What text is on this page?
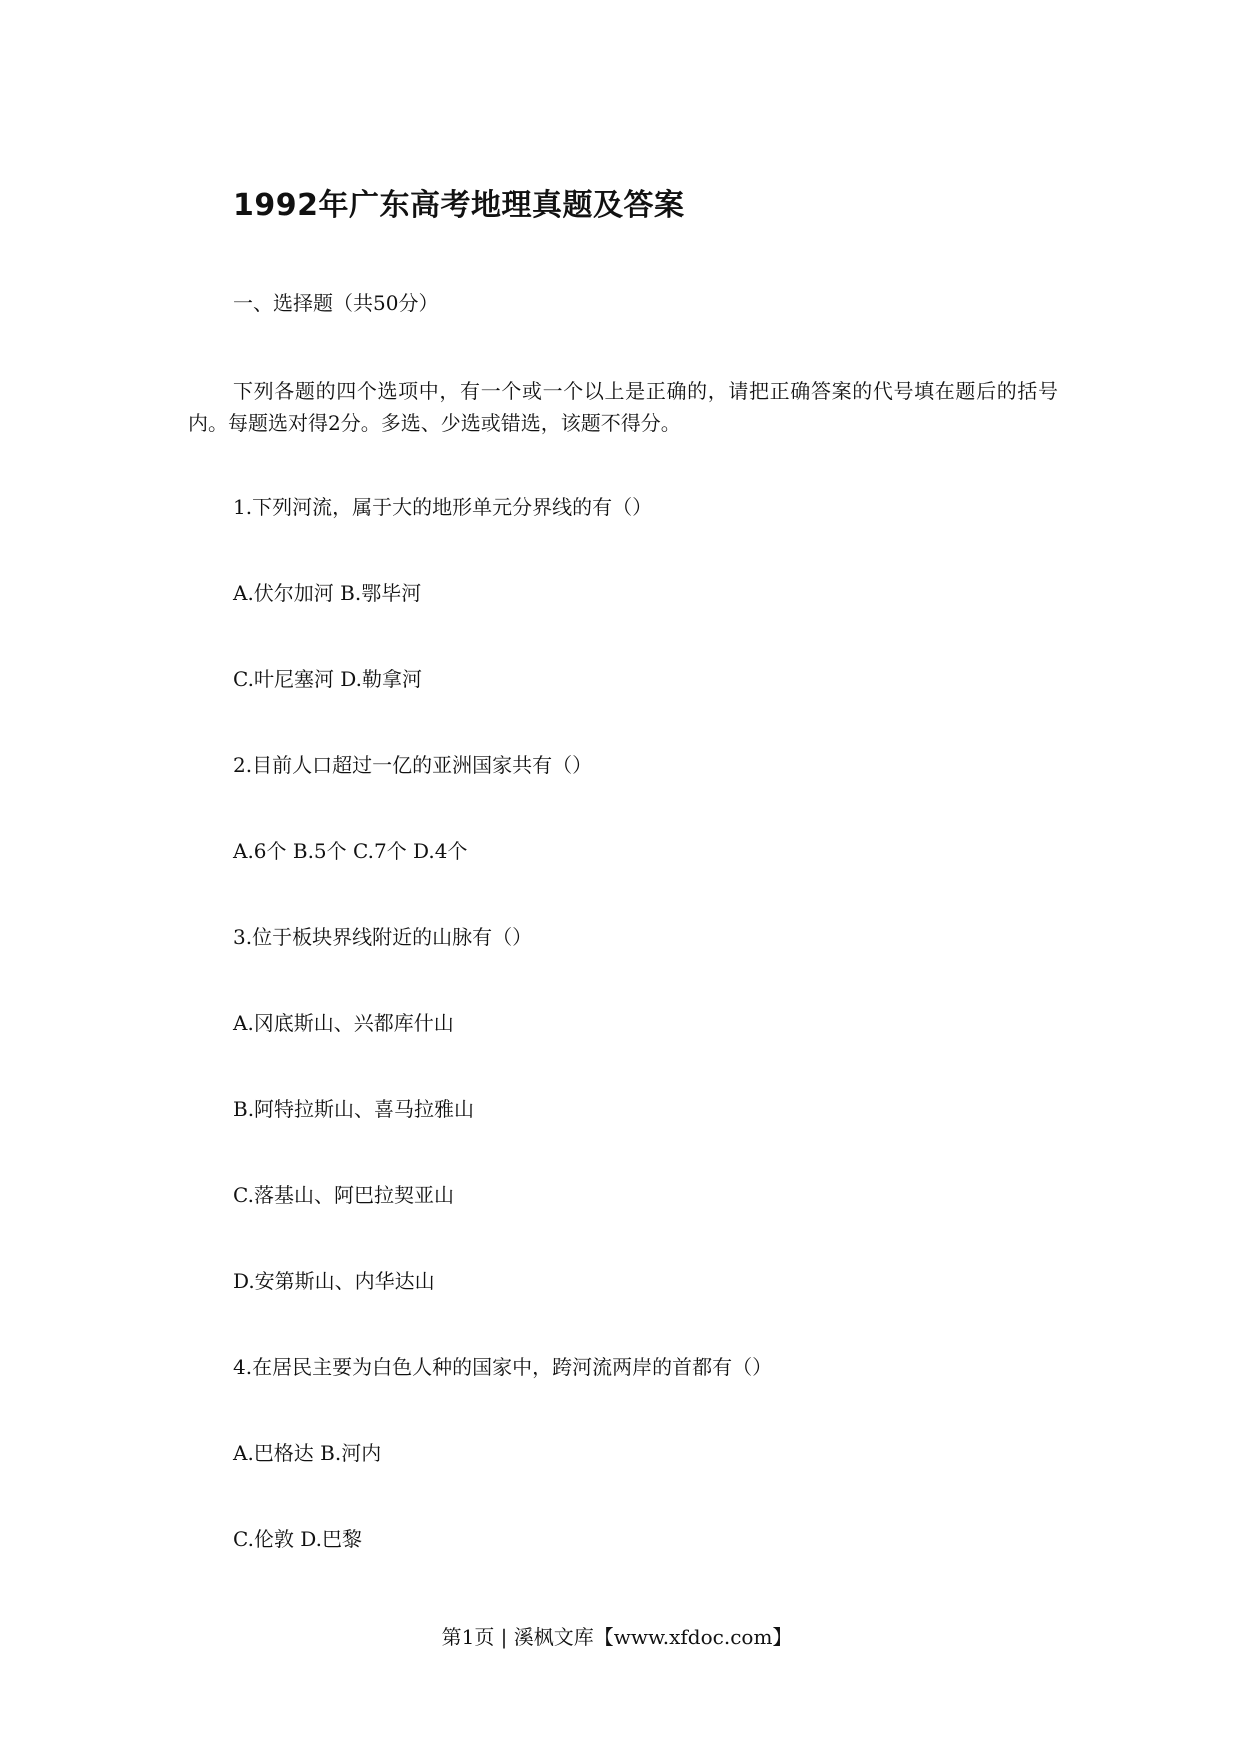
1992年广东高考地理真题及答案
一、选择题（共50分）
下列各题的四个选项中，有一个或一个以上是正确的，请把正确答案的代号填在题后的括号内。每题选对得2分。多选、少选或错选，该题不得分。
1.下列河流，属于大的地形单元分界线的有（）
A.伏尔加河 B.鄂毕河
C.叶尼塞河 D.勒拿河
2.目前人口超过一亿的亚洲国家共有（）
A.6个 B.5个 C.7个 D.4个
3.位于板块界线附近的山脉有（）
A.冈底斯山、兴都库什山
B.阿特拉斯山、喜马拉雅山
C.落基山、阿巴拉契亚山
D.安第斯山、内华达山
4.在居民主要为白色人种的国家中，跨河流两岸的首都有（）
A.巴格达 B.河内
C.伦敦 D.巴黎
第1页 | 溪枫文库【www.xfdoc.com】
